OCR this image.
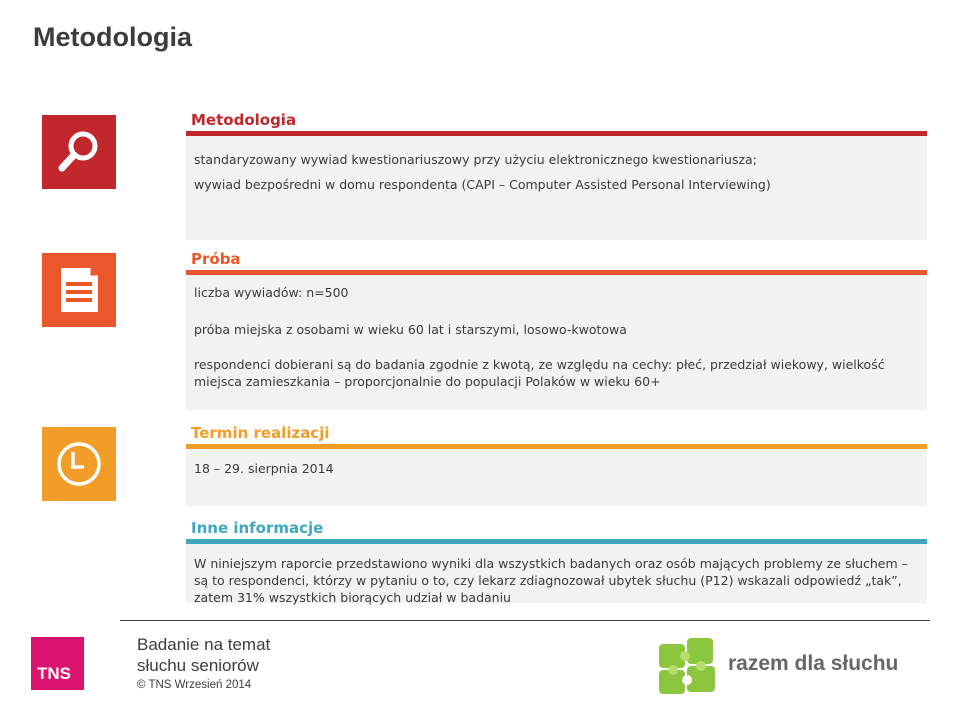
Metodologia
Metodologia
standaryzowany wywiad kwestionariuszowy przy użyciu elektronicznego kwestionariusza;
wywiad bezpośredni w domu respondenta (CAPI – Computer Assisted Personal Interviewing)
Próba
liczba wywiadów: n=500
próba miejska z osobami w wieku 60 lat i starszymi, losowo-kwotowa
respondenci dobierani są do badania zgodnie z kwotą, ze względu na cechy: płeć, przedział wiekowy, wielkość miejsca zamieszkania – proporcjonalnie do populacji Polaków w wieku 60+
Termin realizacji
18 – 29. sierpnia 2014
Inne informacje
W niniejszym raporcie przedstawiono wyniki dla wszystkich badanych oraz osób mających problemy ze słuchem – są to respondenci, którzy w pytaniu o to, czy lekarz zdiagnozował ubytek słuchu (P12) wskazali odpowiedź „tak”, zatem 31% wszystkich biorących udział w badaniu
TNS
Badanie na temat
słuchu seniorów
© TNS Wrzesień 2014
razem dla słuchu
